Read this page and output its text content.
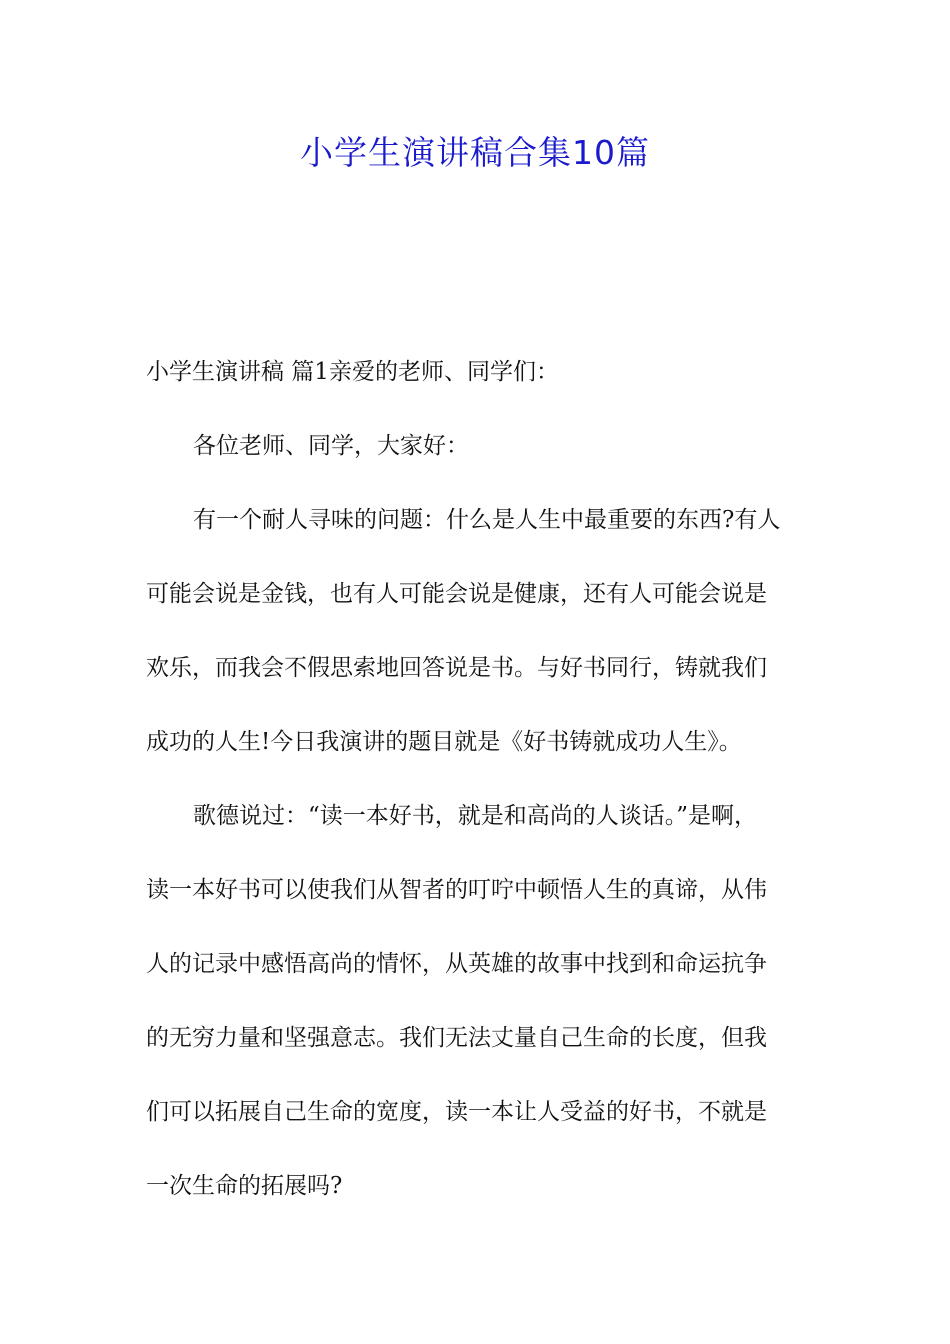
小学生演讲稿合集10篇
小学生演讲稿 篇1亲爱的老师、同学们：
各位老师、同学，大家好：
有一个耐人寻味的问题：什么是人生中最重要的东西?有人
可能会说是金钱，也有人可能会说是健康，还有人可能会说是
欢乐，而我会不假思索地回答说是书。与好书同行，铸就我们
成功的人生!今日我演讲的题目就是《好书铸就成功人生》。
歌德说过：“读一本好书，就是和高尚的人谈话。”是啊，
读一本好书可以使我们从智者的叮咛中顿悟人生的真谛，从伟
人的记录中感悟高尚的情怀，从英雄的故事中找到和命运抗争
的无穷力量和坚强意志。我们无法丈量自己生命的长度，但我
们可以拓展自己生命的宽度，读一本让人受益的好书，不就是
一次生命的拓展吗?
